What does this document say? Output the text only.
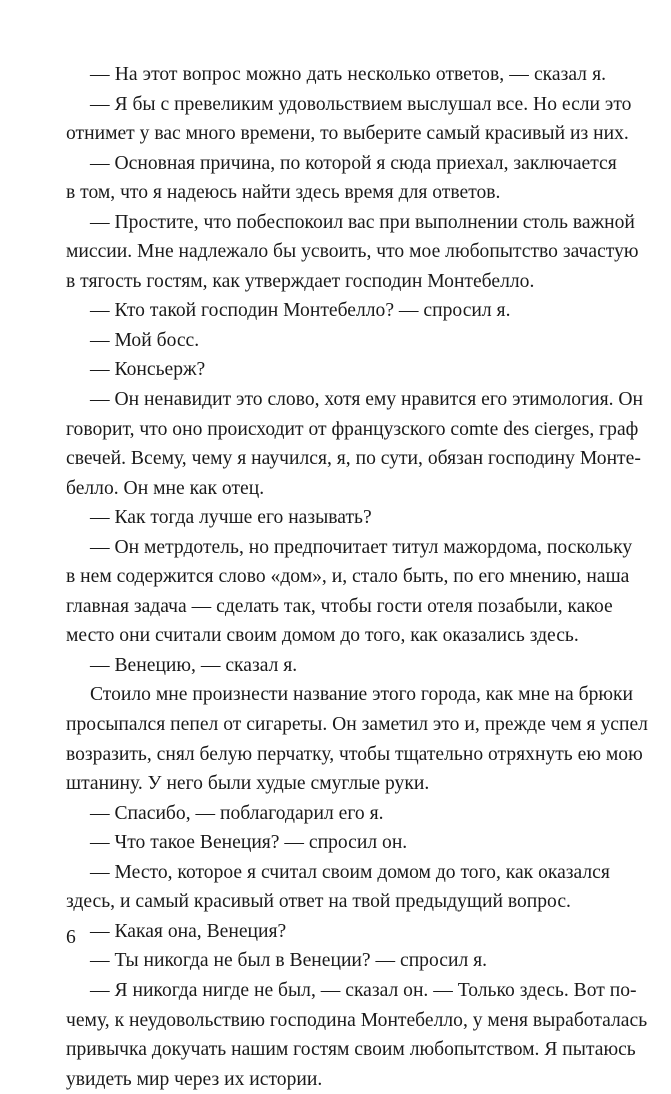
— На этот вопрос можно дать несколько ответов, — сказал я.
— Я бы с превеликим удовольствием выслушал все. Но если это
отнимет у вас много времени, то выберите самый красивый из них.
— Основная причина, по которой я сюда приехал, заключается
в том, что я надеюсь найти здесь время для ответов.
— Простите, что побеспокоил вас при выполнении столь важной
миссии. Мне надлежало бы усвоить, что мое любопытство зачастую
в тягость гостям, как утверждает господин Монтебелло.
— Кто такой господин Монтебелло? — спросил я.
— Мой босс.
— Консьерж?
— Он ненавидит это слово, хотя ему нравится его этимология. Он
говорит, что оно происходит от французского comte des cierges, граф
свечей. Всему, чему я научился, я, по сути, обязан господину Монте-
белло. Он мне как отец.
— Как тогда лучше его называть?
— Он метрдотель, но предпочитает титул мажордома, поскольку
в нем содержится слово «дом», и, стало быть, по его мнению, наша
главная задача — сделать так, чтобы гости отеля позабыли, какое
место они считали своим домом до того, как оказались здесь.
— Венецию, — сказал я.
Стоило мне произнести название этого города, как мне на брюки
просыпался пепел от сигареты. Он заметил это и, прежде чем я успел
возразить, снял белую перчатку, чтобы тщательно отряхнуть ею мою
штанину. У него были худые смуглые руки.
— Спасибо, — поблагодарил его я.
— Что такое Венеция? — спросил он.
— Место, которое я считал своим домом до того, как оказался
здесь, и самый красивый ответ на твой предыдущий вопрос.
— Какая она, Венеция?
— Ты никогда не был в Венеции? — спросил я.
— Я никогда нигде не был, — сказал он. — Только здесь. Вот по-
чему, к неудовольствию господина Монтебелло, у меня выработалась
привычка докучать нашим гостям своим любопытством. Я пытаюсь
увидеть мир через их истории.
6
